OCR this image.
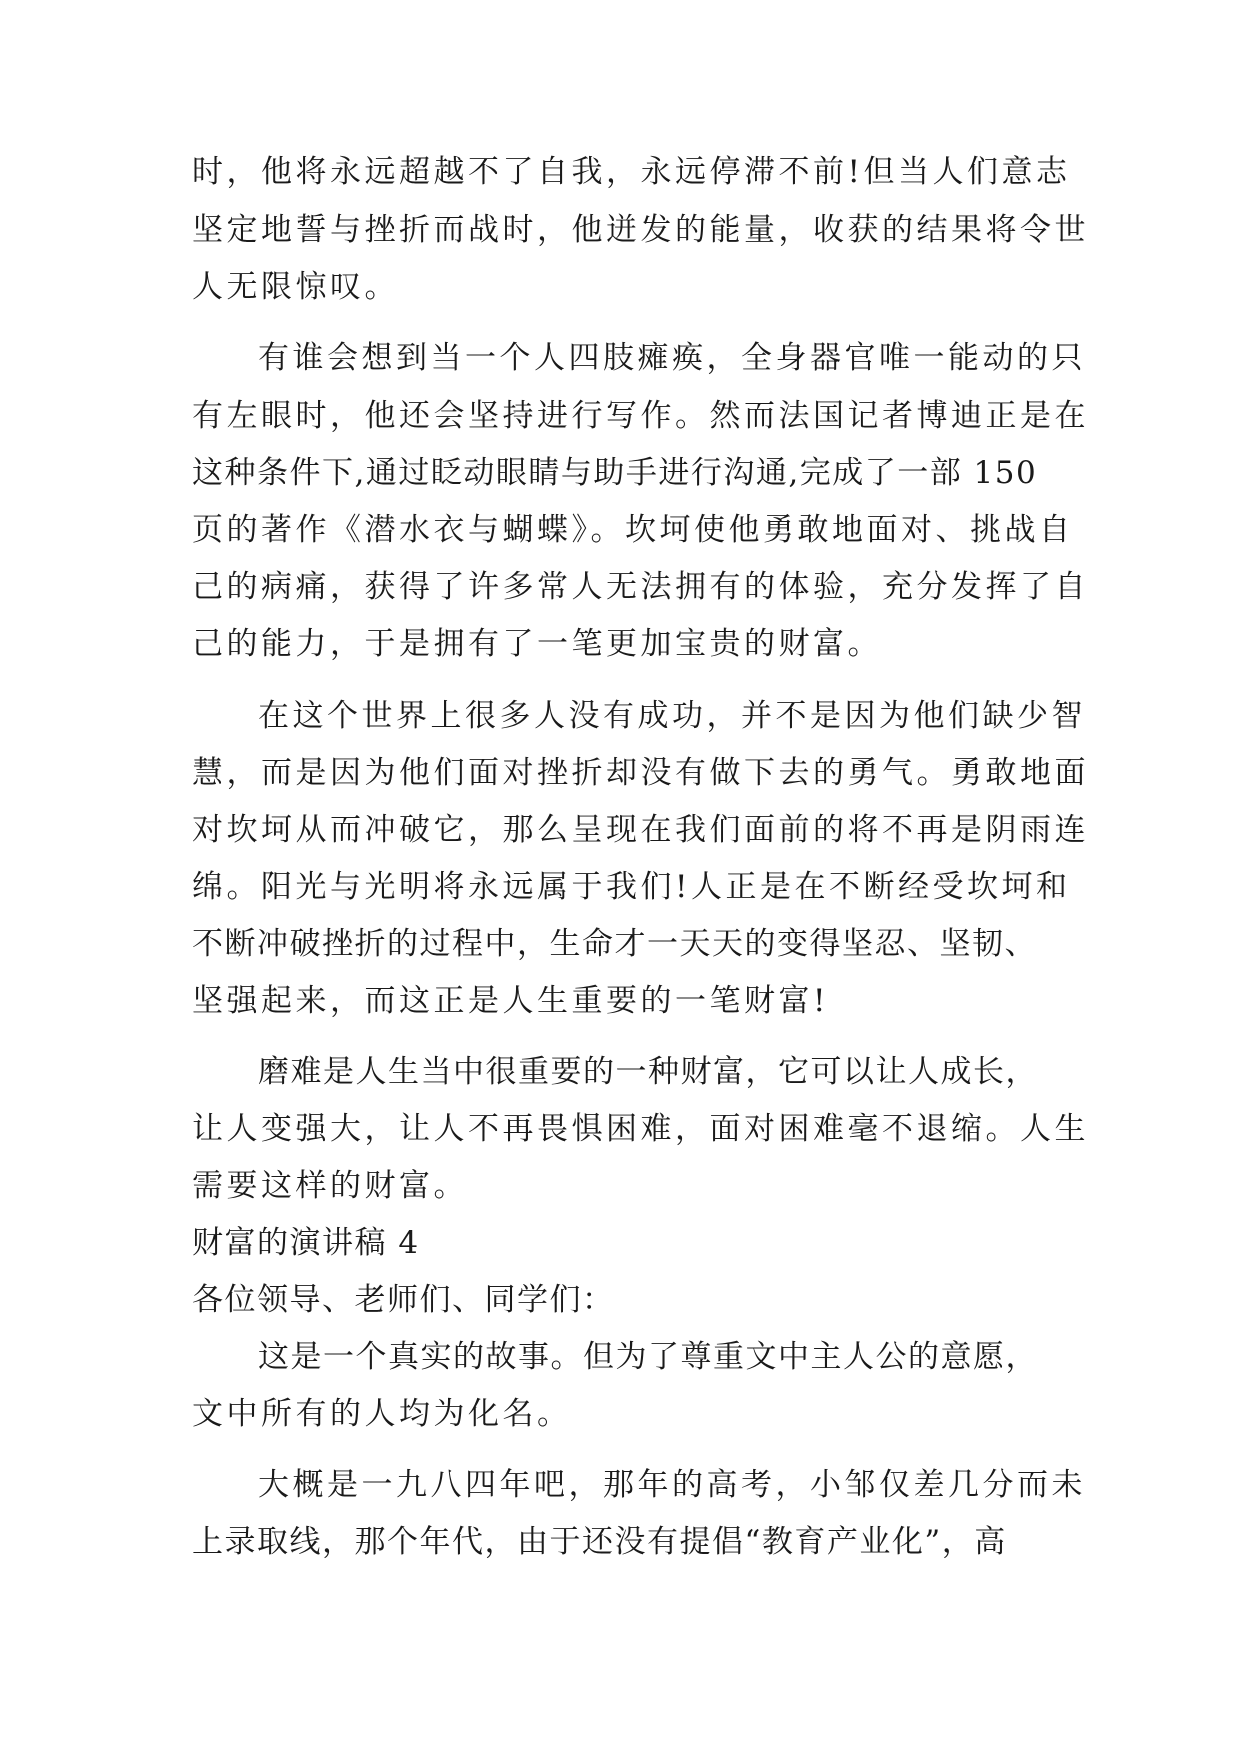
时，他将永远超越不了自我，永远停滞不前!但当人们意志
坚定地誓与挫折而战时，他迸发的能量，收获的结果将令世
人无限惊叹。
有谁会想到当一个人四肢瘫痪，全身器官唯一能动的只
有左眼时，他还会坚持进行写作。然而法国记者博迪正是在
这种条件下,通过眨动眼睛与助手进行沟通,完成了一部 150
页的著作《潜水衣与蝴蝶》。坎坷使他勇敢地面对、挑战自
己的病痛，获得了许多常人无法拥有的体验，充分发挥了自
己的能力，于是拥有了一笔更加宝贵的财富。
在这个世界上很多人没有成功，并不是因为他们缺少智
慧，而是因为他们面对挫折却没有做下去的勇气。勇敢地面
对坎坷从而冲破它，那么呈现在我们面前的将不再是阴雨连
绵。阳光与光明将永远属于我们!人正是在不断经受坎坷和
不断冲破挫折的过程中，生命才一天天的变得坚忍、坚韧、
坚强起来，而这正是人生重要的一笔财富!
磨难是人生当中很重要的一种财富，它可以让人成长，
让人变强大，让人不再畏惧困难，面对困难毫不退缩。人生
需要这样的财富。
财富的演讲稿 4
各位领导、老师们、同学们：
这是一个真实的故事。但为了尊重文中主人公的意愿，
文中所有的人均为化名。
大概是一九八四年吧，那年的高考，小邹仅差几分而未
上录取线，那个年代，由于还没有提倡“教育产业化”，高
